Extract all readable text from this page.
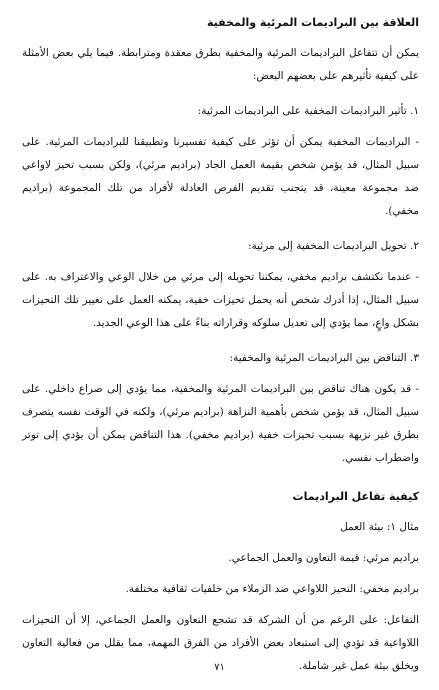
العلاقة بين البراديمات المرئية والمخفية

يمكن أن تتفاعل البراديمات المرئية والمخفية بطرق معقدة ومترابطة. فيما يلي بعض الأمثلة على كيفية تأثيرهم على بعضهم البعض:

١. تأثير البراديمات المخفية على البراديمات المرئية:

- البراديمات المخفية يمكن أن تؤثر على كيفية تفسيرنا وتطبيقنا للبراديمات المرئية. على سبيل المثال، قد يؤمن شخص بقيمة العمل الجاد (براديم مرئي)، ولكن بسبب تحيز لاواعي ضد مجموعة معينة، قد يتجنب تقديم الفرص العادلة لأفراد من تلك المجموعة (براديم مخفي).

٢. تحويل البراديمات المخفية إلى مرئية:

- عندما نكتشف براديم مخفي، يمكننا تحويله إلى مرئي من خلال الوعي والاعتراف به. على سبيل المثال، إذا أدرك شخص أنه يحمل تحيزات خفية، يمكنه العمل على تغيير تلك التحيزات بشكل واعٍ، مما يؤدي إلى تعديل سلوكه وقراراته بناءً على هذا الوعي الجديد.

٣. التناقض بين البراديمات المرئية والمخفية:

- قد يكون هناك تناقض بين البراديمات المرئية والمخفية، مما يؤدي إلى صراع داخلي. على سبيل المثال، قد يؤمن شخص بأهمية النزاهة (براديم مرئي)، ولكنه في الوقت نفسه يتصرف بطرق غير نزيهة بسبب تحيزات خفية (براديم مخفي). هذا التناقض يمكن أن يؤدي إلى توتر واضطراب نفسي.

كيفية تفاعل البراديمات

مثال ١: بيئة العمل

براديم مرئي: قيمة التعاون والعمل الجماعي.

براديم مخفي: التحيز اللاواعي ضد الزملاء من خلفيات ثقافية مختلفة.

التفاعل: على الرغم من أن الشركة قد تشجع التعاون والعمل الجماعي، إلا أن التحيزات اللاواعية قد تؤدي إلى استبعاد بعض الأفراد من الفرق المهمة، مما يقلل من فعالية التعاون ويخلق بيئة عمل غير شاملة.

٧١
